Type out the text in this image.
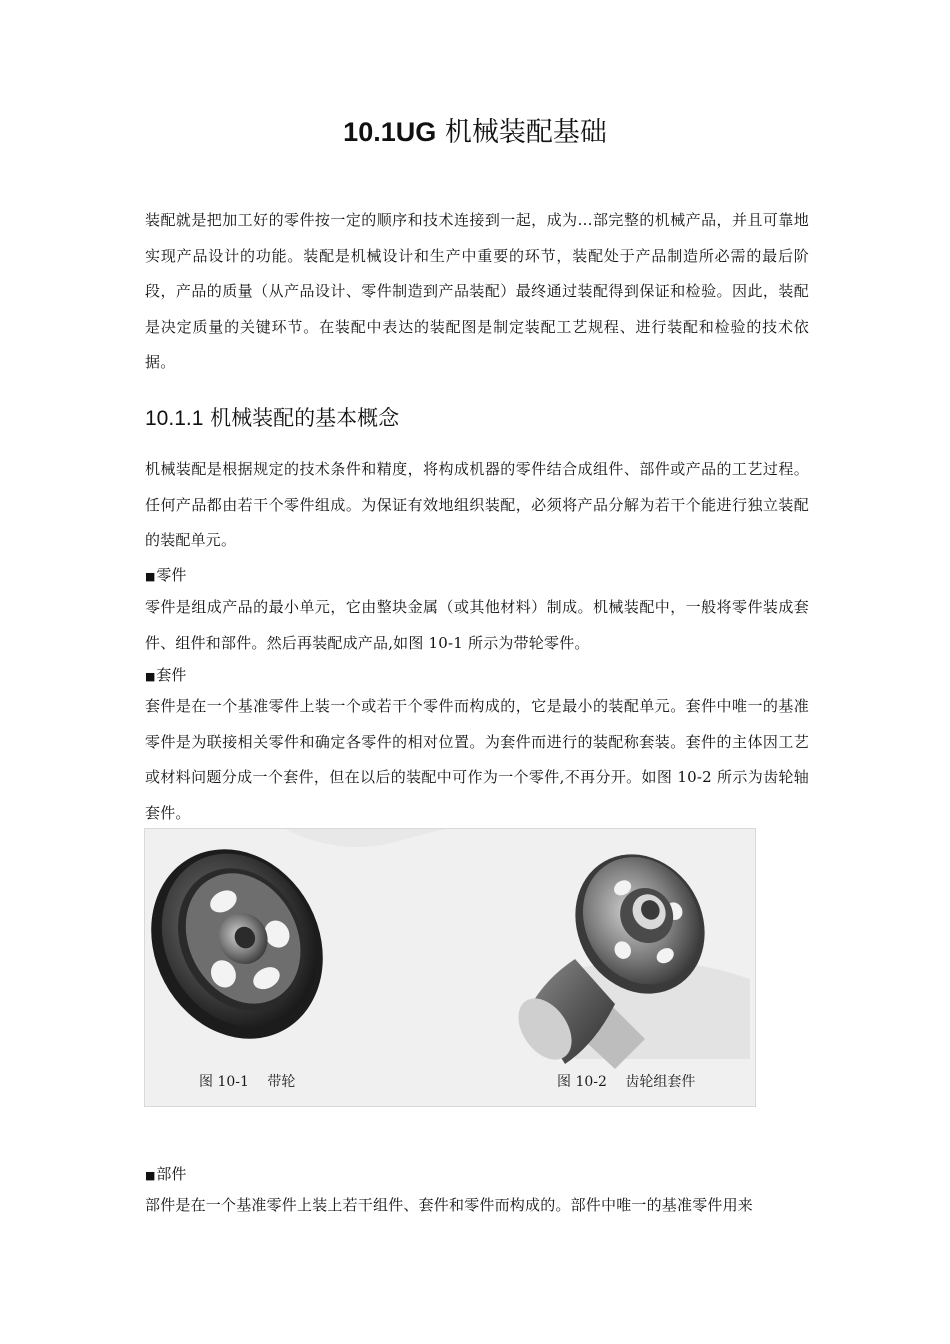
10.1UG 机械装配基础

装配就是把加工好的零件按一定的顺序和技术连接到一起，成为…部完整的机械产品，并且可靠地实现产品设计的功能。装配是机械设计和生产中重要的环节，装配处于产品制造所必需的最后阶段，产品的质量（从产品设计、零件制造到产品装配）最终通过装配得到保证和检验。因此，装配是决定质量的关键环节。在装配中表达的装配图是制定装配工艺规程、进行装配和检验的技术依据。

10.1.1 机械装配的基本概念

机械装配是根据规定的技术条件和精度，将构成机器的零件结合成组件、部件或产品的工艺过程。任何产品都由若干个零件组成。为保证有效地组织装配，必须将产品分解为若干个能进行独立装配的装配单元。

■零件

零件是组成产品的最小单元，它由整块金属（或其他材料）制成。机械装配中，一般将零件装成套件、组件和部件。然后再装配成产品,如图 10-1 所示为带轮零件。

■套件

套件是在一个基准零件上装一个或若干个零件而构成的，它是最小的装配单元。套件中唯一的基准零件是为联接相关零件和确定各零件的相对位置。为套件而进行的装配称套装。套件的主体因工艺或材料问题分成一个套件，但在以后的装配中可作为一个零件,不再分开。如图 10-2 所示为齿轮轴套件。

图 10-1　 带轮	图 10-2　 齿轮组套件

■部件

部件是在一个基准零件上装上若干组件、套件和零件而构成的。部件中唯一的基准零件用来
